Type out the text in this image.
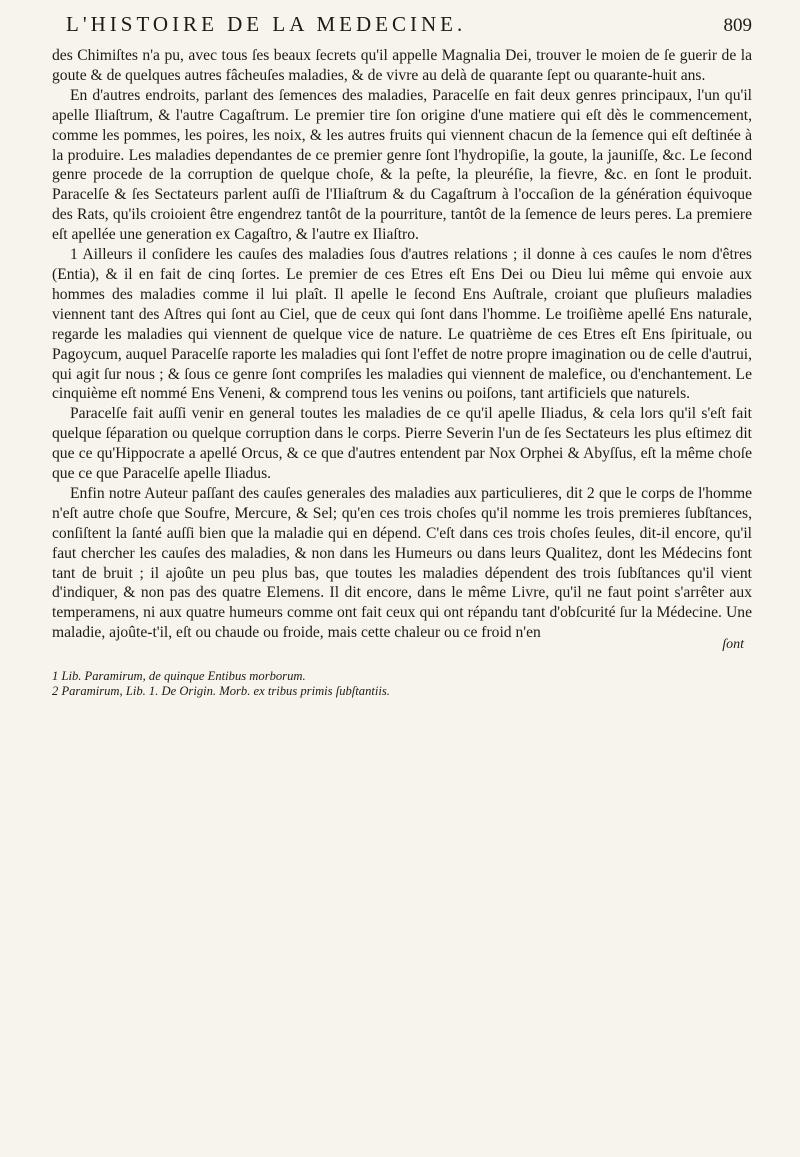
L'HISTOIRE DE LA MEDECINE.	809

des Chimiſtes n'a pu, avec tous ſes beaux ſecrets qu'il appelle Magnalia Dei, trouver le moien de ſe guerir de la goute & de quelques autres fâcheuſes maladies, & de vivre au delà de quarante ſept ou quarante-huit ans.

En d'autres endroits, parlant des ſemences des maladies, Paracelſe en fait deux genres principaux, l'un qu'il apelle Iliaſtrum, & l'autre Cagaſtrum. Le premier tire ſon origine d'une matiere qui eſt dès le commencement, comme les pommes, les poires, les noix, & les autres fruits qui viennent chacun de la ſemence qui eſt deſtinée à la produire. Les maladies dependantes de ce premier genre ſont l'hydropiſie, la goute, la jauniſſe, &c. Le ſecond genre procede de la corruption de quelque choſe, & la peſte, la pleuréſie, la fievre, &c. en ſont le produit. Paracelſe & ſes Sectateurs parlent auſſi de l'Iliaſtrum & du Cagaſtrum à l'occaſion de la génération équivoque des Rats, qu'ils croioient être engendrez tantôt de la pourriture, tantôt de la ſemence de leurs peres. La premiere eſt apellée une generation ex Cagaſtro, & l'autre ex Iliaſtro.

1 Ailleurs il conſidere les cauſes des maladies ſous d'autres relations ; il donne à ces cauſes le nom d'êtres (Entia), & il en fait de cinq ſortes. Le premier de ces Etres eſt Ens Dei ou Dieu lui même qui envoie aux hommes des maladies comme il lui plaît. Il apelle le ſecond Ens Auſtrale, croiant que pluſieurs maladies viennent tant des Aſtres qui ſont au Ciel, que de ceux qui ſont dans l'homme. Le troiſième apellé Ens naturale, regarde les maladies qui viennent de quelque vice de nature. Le quatrième de ces Etres eſt Ens ſpirituale, ou Pagoycum, auquel Paracelſe raporte les maladies qui ſont l'effet de notre propre imagination ou de celle d'autrui, qui agit ſur nous ; & ſous ce genre ſont compriſes les maladies qui viennent de malefice, ou d'enchantement. Le cinquième eſt nommé Ens Veneni, & comprend tous les venins ou poiſons, tant artificiels que naturels.

Paracelſe fait auſſi venir en general toutes les maladies de ce qu'il apelle Iliadus, & cela lors qu'il s'eſt fait quelque ſéparation ou quelque corruption dans le corps. Pierre Severin l'un de ſes Sectateurs les plus eſtimez dit que ce qu'Hippocrate a apellé Orcus, & ce que d'autres entendent par Nox Orphei & Abyſſus, eſt la même choſe que ce que Paracelſe apelle Iliadus.

Enfin notre Auteur paſſant des cauſes generales des maladies aux particulieres, dit 2 que le corps de l'homme n'eſt autre choſe que Soufre, Mercure, & Sel; qu'en ces trois choſes qu'il nomme les trois premieres ſubſtances, conſiſtent la ſanté auſſi bien que la maladie qui en dépend. C'eſt dans ces trois choſes ſeules, dit-il encore, qu'il faut chercher les cauſes des maladies, & non dans les Humeurs ou dans leurs Qualitez, dont les Médecins font tant de bruit ; il ajoûte un peu plus bas, que toutes les maladies dépendent des trois ſubſtances qu'il vient d'indiquer, & non pas des quatre Elemens. Il dit encore, dans le même Livre, qu'il ne faut point s'arrêter aux temperamens, ni aux quatre humeurs comme ont fait ceux qui ont répandu tant d'obſcurité ſur la Médecine. Une maladie, ajoûte-t'il, eſt ou chaude ou froide, mais cette chaleur ou ce froid n'en

ſont
1 Lib. Paramirum, de quinque Entibus morborum.
2 Paramirum, Lib. 1. De Origin. Morb. ex tribus primis ſubſtantiis.
